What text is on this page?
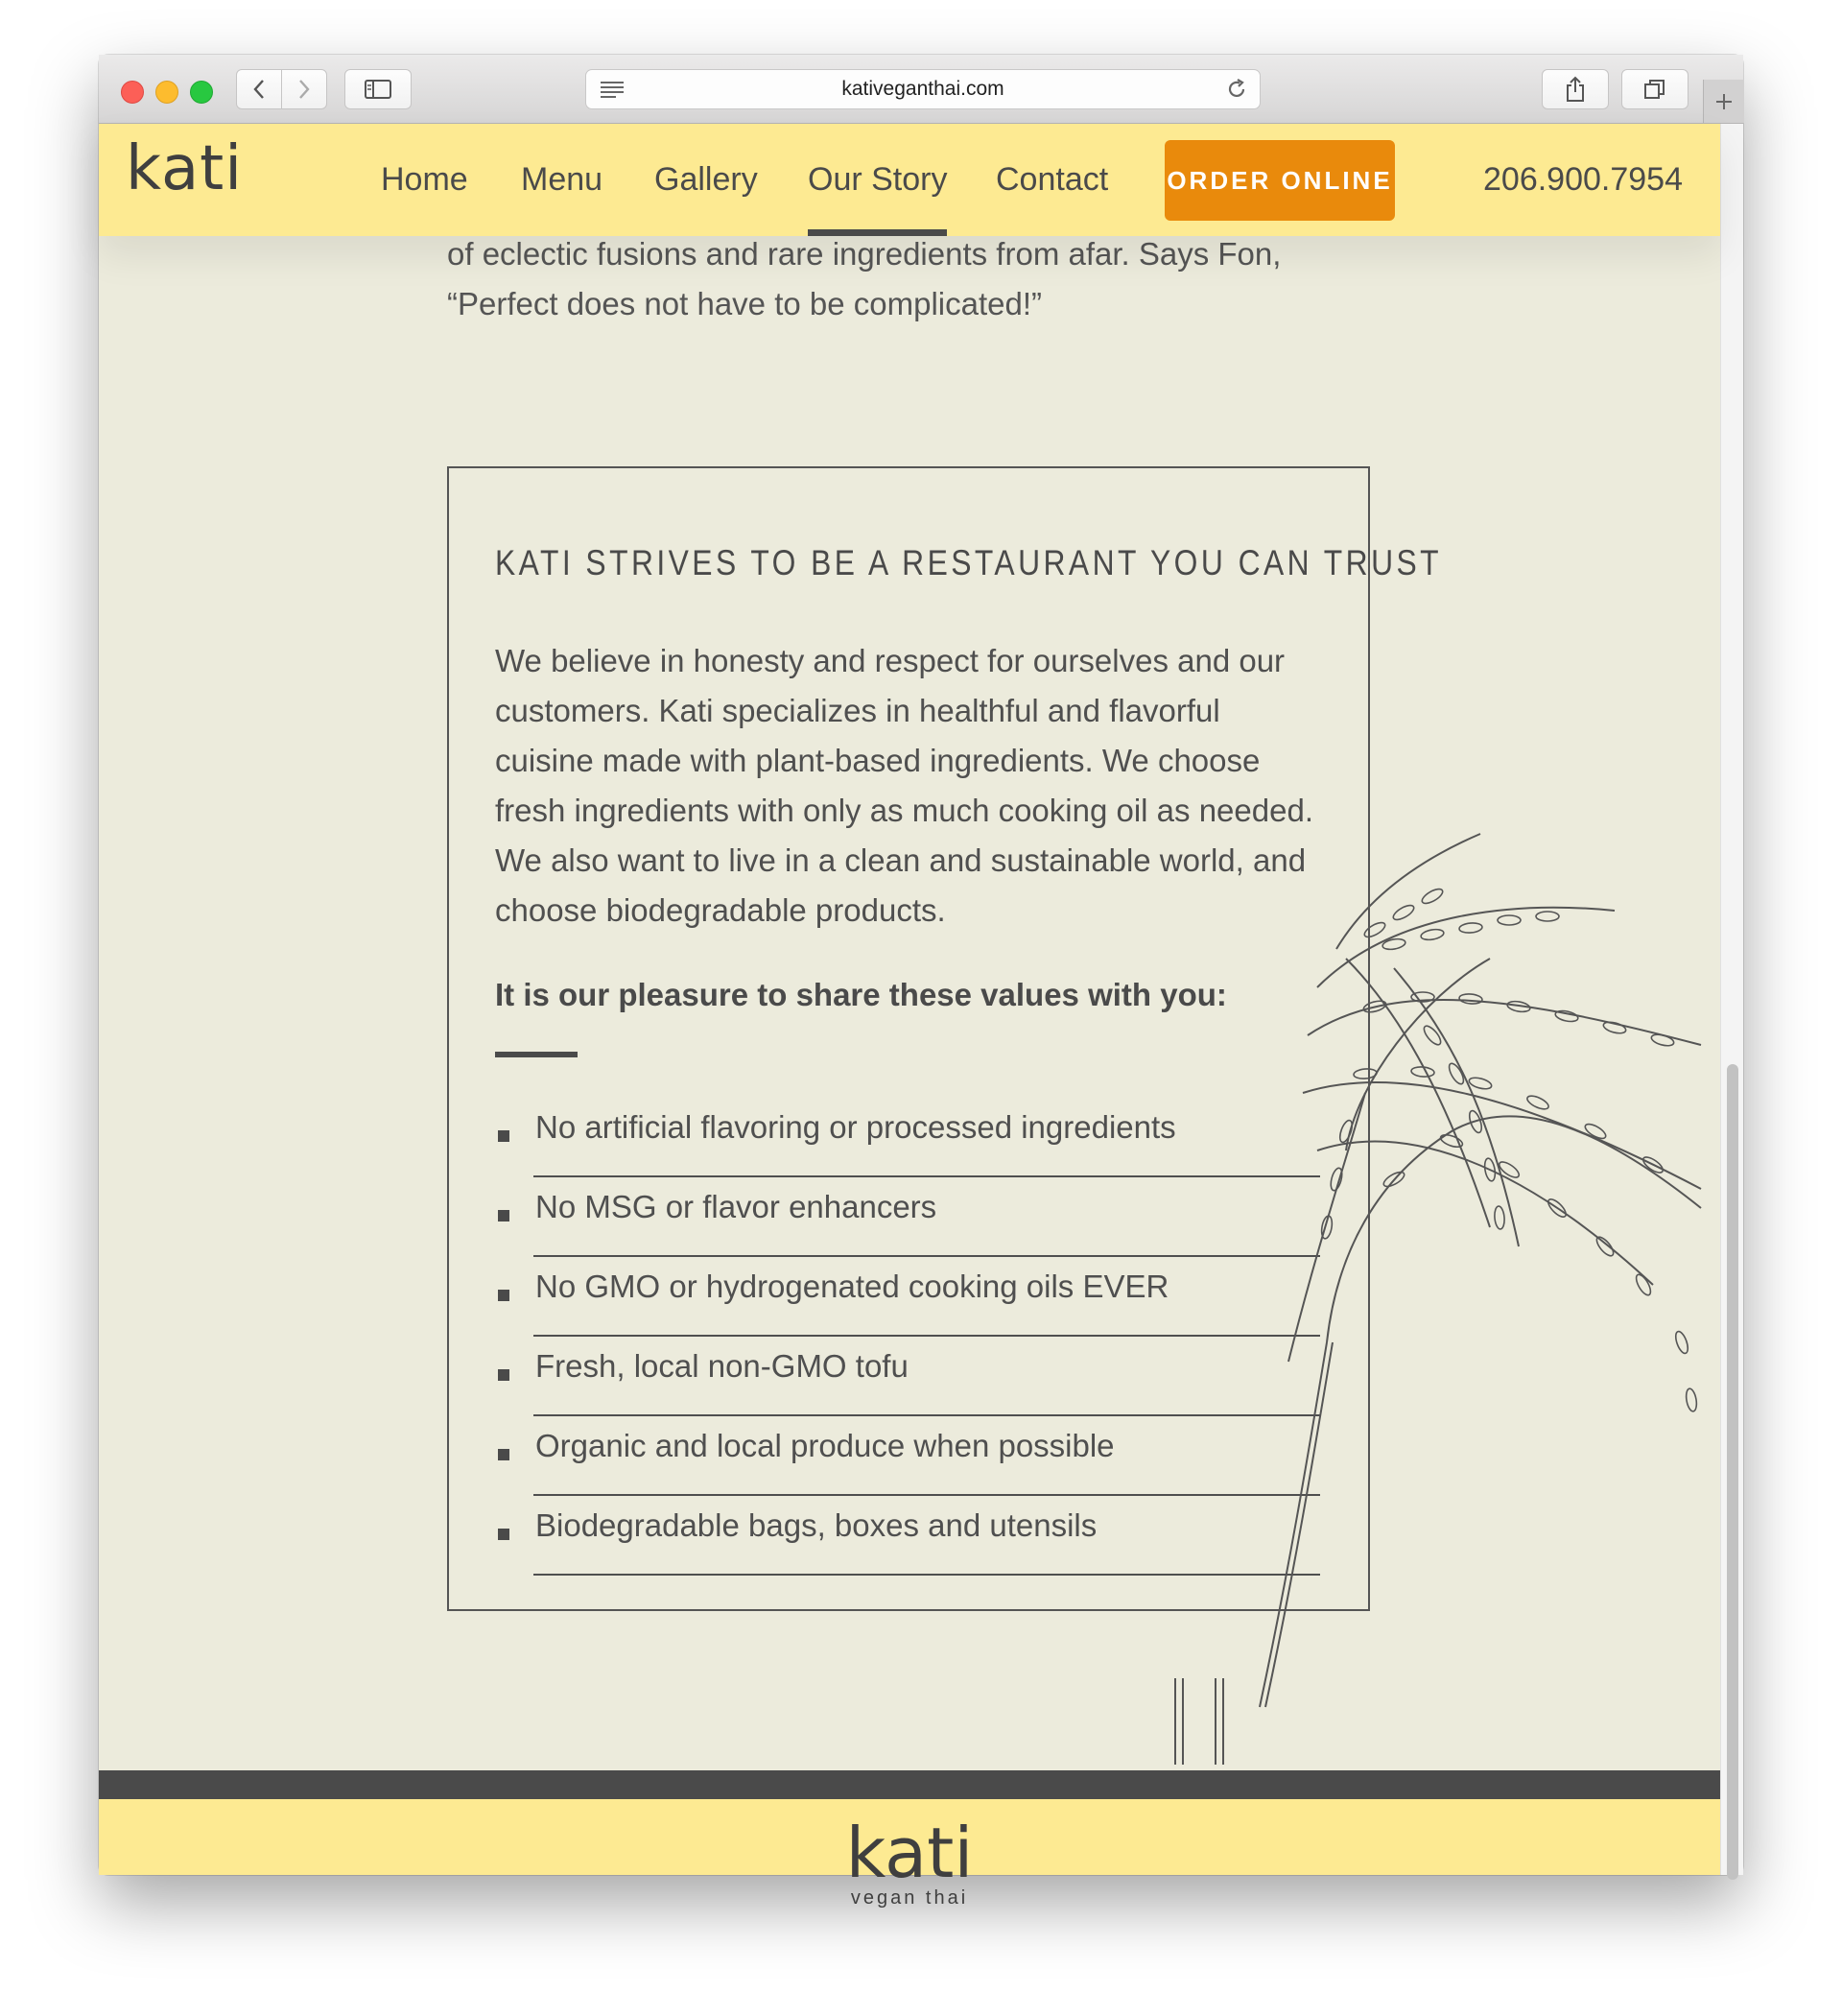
kativeganthai.com
kati	Home Menu Gallery Our Story Contact ORDER ONLINE	206.900.7954
of eclectic fusions and rare ingredients from afar. Says Fon,
“Perfect does not have to be complicated!”
KATI STRIVES TO BE A RESTAURANT YOU CAN TRUST
We believe in honesty and respect for ourselves and our customers. Kati specializes in healthful and flavorful cuisine made with plant-based ingredients. We choose fresh ingredients with only as much cooking oil as needed. We also want to live in a clean and sustainable world, and choose biodegradable products.
It is our pleasure to share these values with you:
No artificial flavoring or processed ingredients
No MSG or flavor enhancers
No GMO or hydrogenated cooking oils EVER
Fresh, local non-GMO tofu
Organic and local produce when possible
Biodegradable bags, boxes and utensils
kati
vegan thai
